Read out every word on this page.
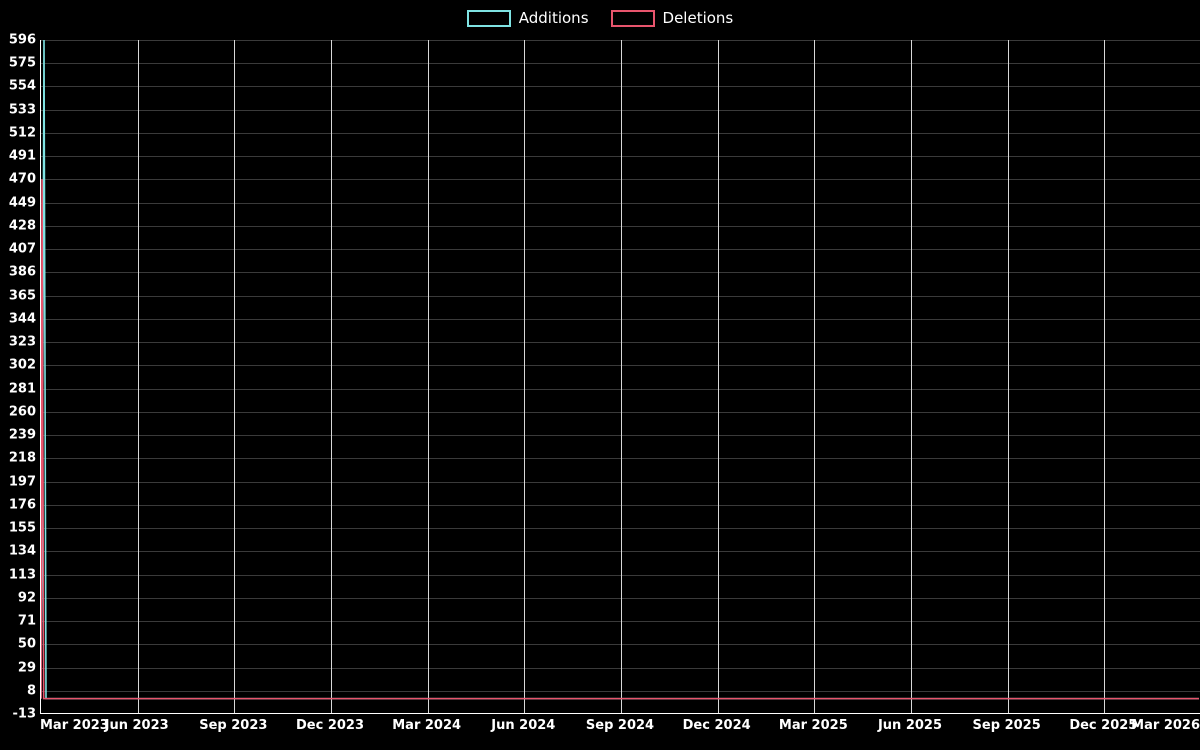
Additions	Deletions
-13
8
29
50
71
92
113
134
155
176
197
218
239
260
281
302
323
344
365
386
407
428
449
470
491
512
533
554
575
596
Mar 2023
Jun 2023 Sep 2023 Dec 2023 Mar 2024 Jun 2024 Sep 2024 Dec 2024 Mar 2025 Jun 2025 Sep 2025 Dec 2025
Mar 2026
